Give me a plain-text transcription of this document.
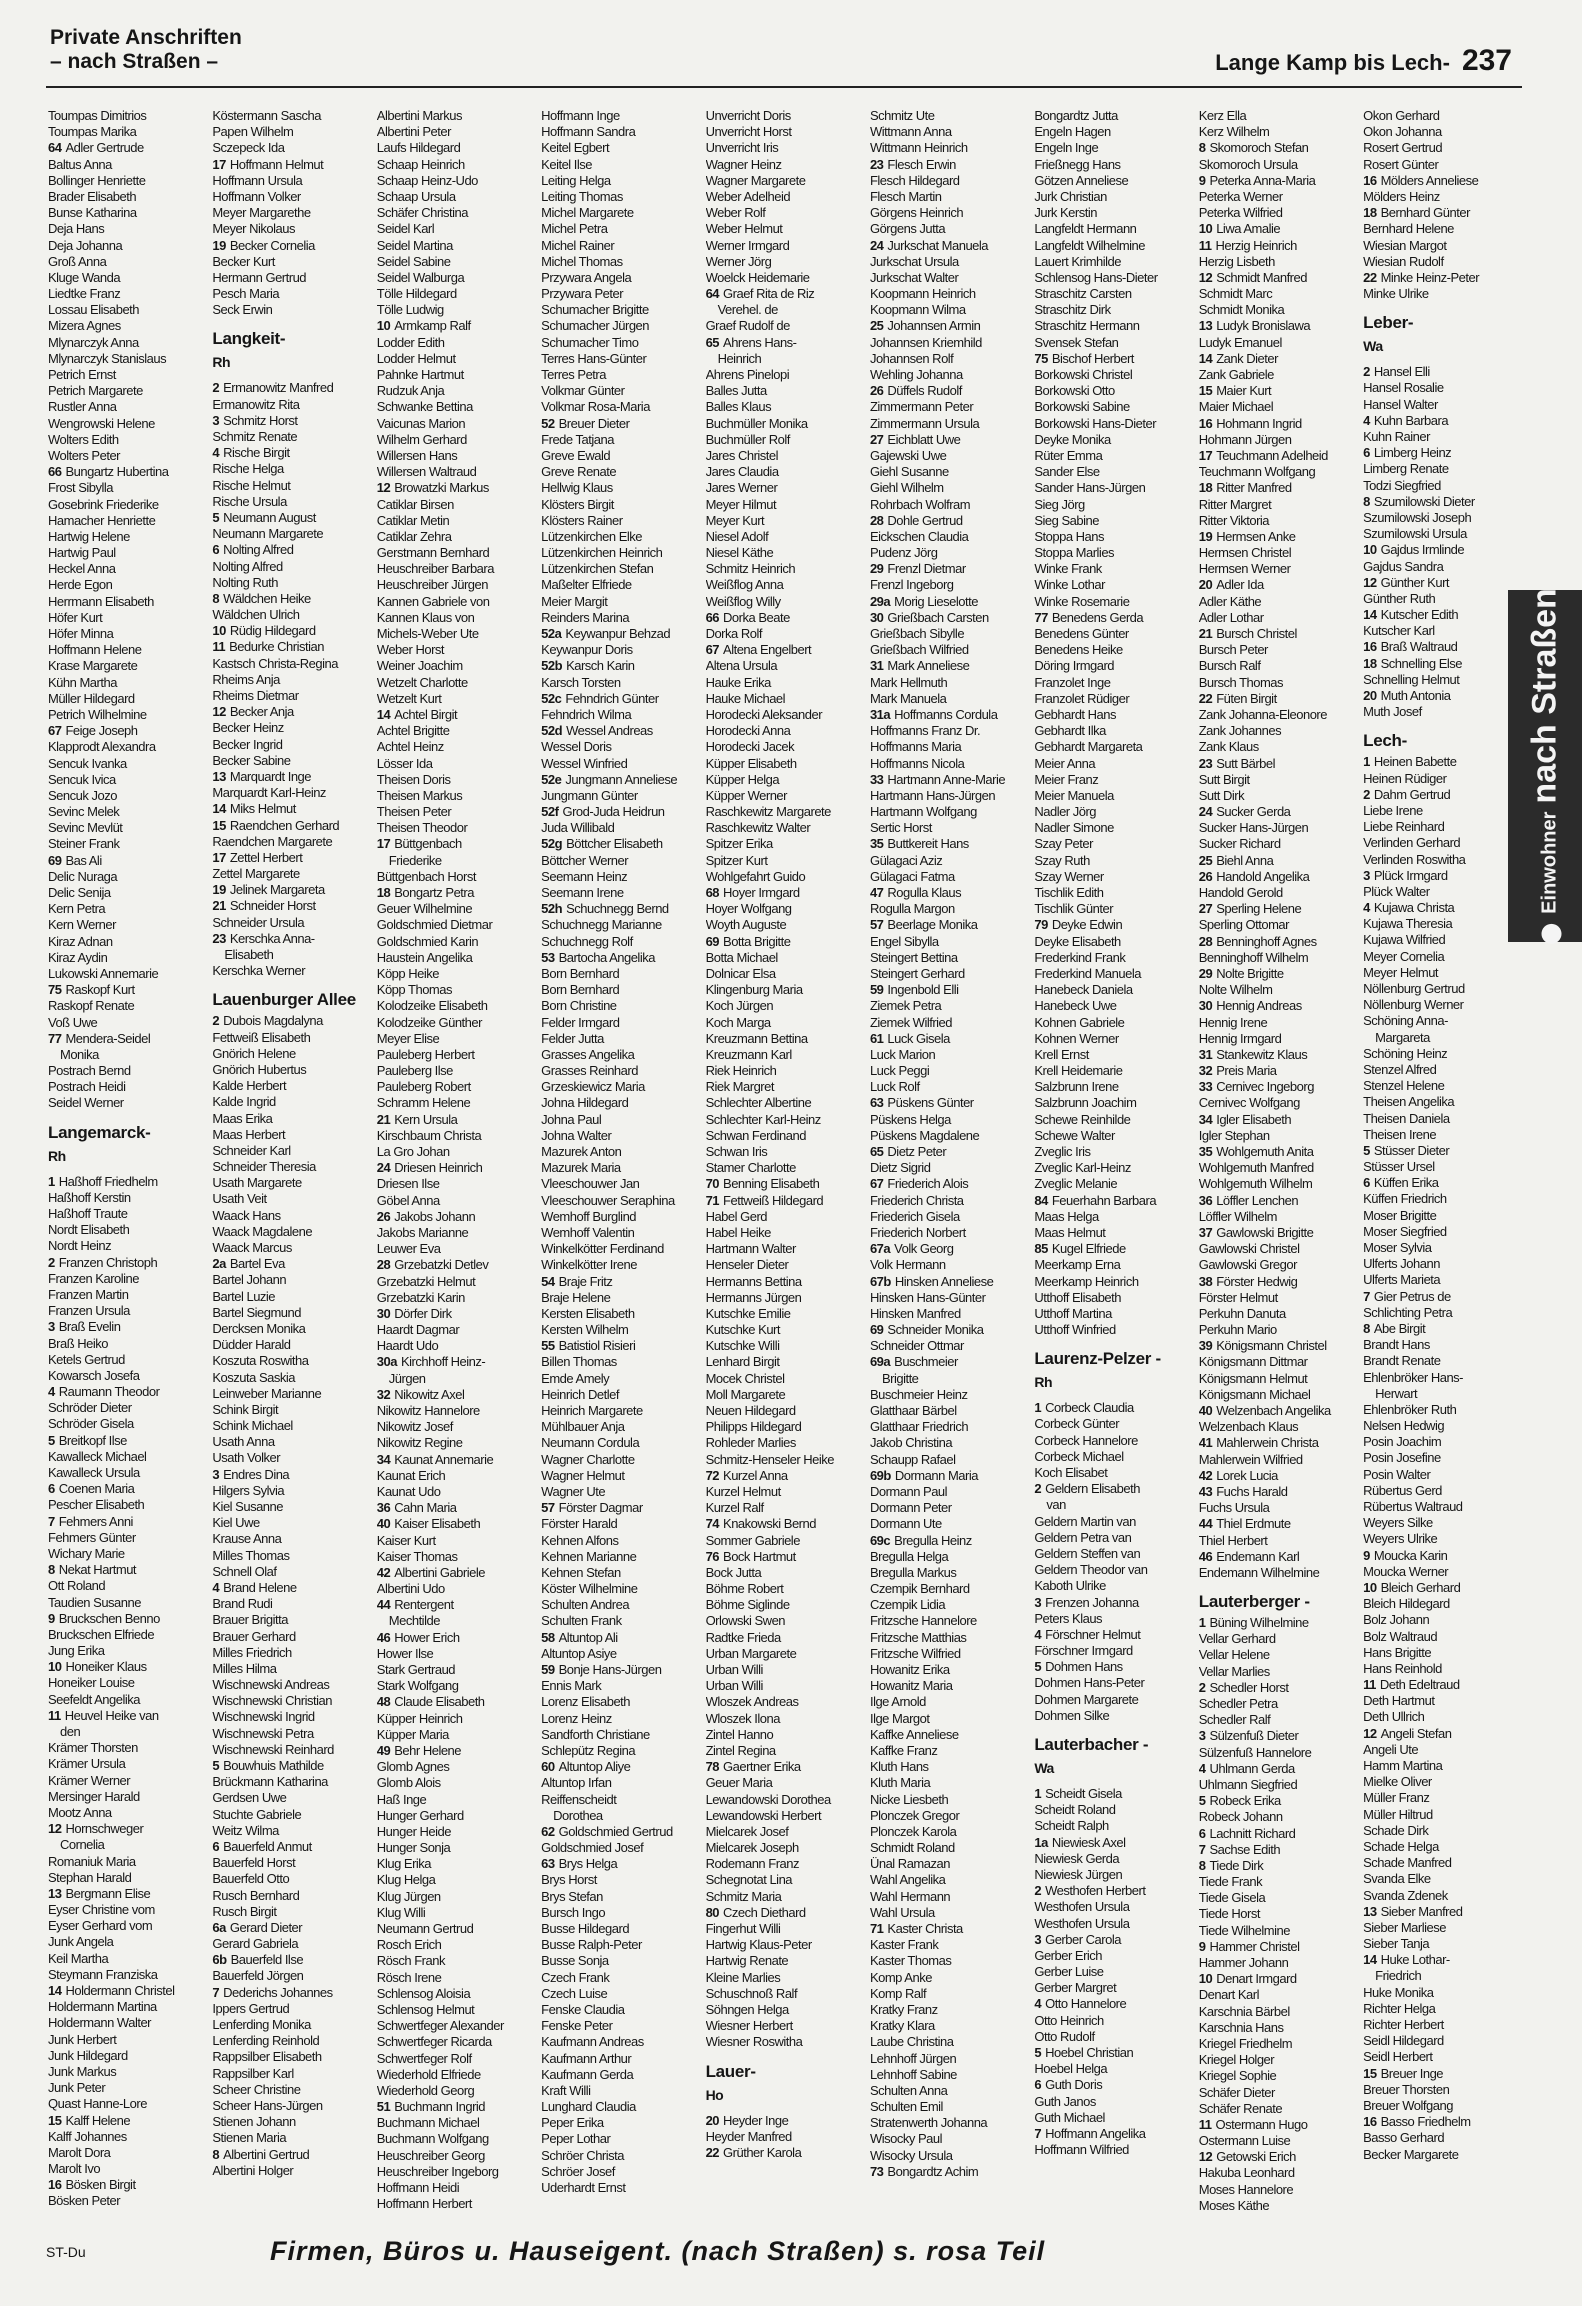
Private Anschriften
– nach Straßen –	Lange Kamp bis Lech- 237
Toumpas Dimitrios
Toumpas Marika
64 Adler Gertrude
Baltus Anna
Bollinger Henriette
Brader Elisabeth
Bunse Katharina
Deja Hans
Deja Johanna
Groß Anna
Kluge Wanda
Liedtke Franz
Lossau Elisabeth
Mizera Agnes
Mlynarczyk Anna
Mlynarczyk Stanislaus
Petrich Ernst
Petrich Margarete
Rustler Anna
Wengrowski Helene
Wolters Edith
Wolters Peter
66 Bungartz Hubertina
Frost Sibylla
Gosebrink Friederike
Hamacher Henriette
Hartwig Helene
Hartwig Paul
Heckel Anna
Herde Egon
Herrmann Elisabeth
Höfer Kurt
Höfer Minna
Hoffmann Helene
Krase Margarete
Kühn Martha
Müller Hildegard
Petrich Wilhelmine
67 Feige Joseph
Klapprodt Alexandra
Sencuk Ivanka
Sencuk Ivica
Sencuk Jozo
Sevinc Melek
Sevinc Mevlüt
Steiner Frank
69 Bas Ali
Delic Nuraga
Delic Senija
Kern Petra
Kern Werner
Kiraz Adnan
Kiraz Aydin
Lukowski Annemarie
75 Raskopf Kurt
Raskopf Renate
Voß Uwe
77 Mendera-Seidel
Monika
Postrach Bernd
Postrach Heidi
Seidel Werner
Langemarck-
Rh
1 Haßhoff Friedhelm
Haßhoff Kerstin
Haßhoff Traute
Nordt Elisabeth
Nordt Heinz
2 Franzen Christoph
Franzen Karoline
Franzen Martin
Franzen Ursula
3 Braß Evelin
Braß Heiko
Ketels Gertrud
Kowarsch Josefa
4 Raumann Theodor
Schröder Dieter
Schröder Gisela
5 Breitkopf Ilse
Kawalleck Michael
Kawalleck Ursula
6 Coenen Maria
Pescher Elisabeth
7 Fehmers Anni
Fehmers Günter
Wichary Marie
8 Nekat Hartmut
Ott Roland
Taudien Susanne
9 Bruckschen Benno
Bruckschen Elfriede
Jung Erika
10 Honeiker Klaus
Honeiker Louise
Seefeldt Angelika
11 Heuvel Heike van
den
Krämer Thorsten
Krämer Ursula
Krämer Werner
Mersinger Harald
Mootz Anna
12 Hornschweger
Cornelia
Romaniuk Maria
Stephan Harald
13 Bergmann Elise
Eyser Christine vom
Eyser Gerhard vom
Junk Angela
Keil Martha
Steymann Franziska
14 Holdermann Christel
Holdermann Martina
Holdermann Walter
Junk Herbert
Junk Hildegard
Junk Markus
Junk Peter
Quast Hanne-Lore
15 Kalff Helene
Kalff Johannes
Marolt Dora
Marolt Ivo
16 Bösken Birgit
Bösken Peter
Köstermann Sascha
Papen Wilhelm
Sczepeck Ida
17 Hoffmann Helmut
Hoffmann Ursula
Hoffmann Volker
Meyer Margarethe
Meyer Nikolaus
19 Becker Cornelia
Becker Kurt
Hermann Gertrud
Pesch Maria
Seck Erwin
Langkeit-
Rh
2 Ermanowitz Manfred
Ermanowitz Rita
3 Schmitz Horst
Schmitz Renate
4 Rische Birgit
Rische Helga
Rische Helmut
Rische Ursula
5 Neumann August
Neumann Margarete
6 Nolting Alfred
Nolting Alfred
Nolting Ruth
8 Wäldchen Heike
Wäldchen Ulrich
10 Rüdig Hildegard
11 Bedurke Christian
Kastsch Christa-Regina
Rheims Anja
Rheims Dietmar
12 Becker Anja
Becker Heinz
Becker Ingrid
Becker Sabine
13 Marquardt Inge
Marquardt Karl-Heinz
14 Miks Helmut
15 Raendchen Gerhard
Raendchen Margarete
17 Zettel Herbert
Zettel Margarete
19 Jelinek Margareta
21 Schneider Horst
Schneider Ursula
23 Kerschka Anna-
Elisabeth
Kerschka Werner
Lauenburger Allee
2 Dubois Magdalyna
Fettweiß Elisabeth
Gnörich Helene
Gnörich Hubertus
Kalde Herbert
Kalde Ingrid
Maas Erika
Maas Herbert
Schneider Karl
Schneider Theresia
Usath Margarete
Usath Veit
Waack Hans
Waack Magdalene
Waack Marcus
2a Bartel Eva
Bartel Johann
Bartel Luzie
Bartel Siegmund
Dercksen Monika
Düdder Harald
Koszuta Roswitha
Koszuta Saskia
Leinweber Marianne
Schink Birgit
Schink Michael
Usath Anna
Usath Volker
3 Endres Dina
Hilgers Sylvia
Kiel Susanne
Kiel Uwe
Krause Anna
Milles Thomas
Schnell Olaf
4 Brand Helene
Brand Rudi
Brauer Brigitta
Brauer Gerhard
Milles Friedrich
Milles Hilma
Wischnewski Andreas
Wischnewski Christian
Wischnewski Ingrid
Wischnewski Petra
Wischnewski Reinhard
5 Bouwhuis Mathilde
Brückmann Katharina
Gerdsen Uwe
Stuchte Gabriele
Weitz Wilma
6 Bauerfeld Anmut
Bauerfeld Horst
Bauerfeld Otto
Rusch Bernhard
Rusch Birgit
6a Gerard Dieter
Gerard Gabriela
6b Bauerfeld Ilse
Bauerfeld Jörgen
7 Dederichs Johannes
Ippers Gertrud
Lenferding Monika
Lenferding Reinhold
Rappsilber Elisabeth
Rappsilber Karl
Scheer Christine
Scheer Hans-Jürgen
Stienen Johann
Stienen Maria
8 Albertini Gertrud
Albertini Holger
Albertini Markus
Albertini Peter
Laufs Hildegard
Schaap Heinrich
Schaap Heinz-Udo
Schaap Ursula
Schäfer Christina
Seidel Karl
Seidel Martina
Seidel Sabine
Seidel Walburga
Tölle Hildegard
Tölle Ludwig
10 Armkamp Ralf
Lodder Edith
Lodder Helmut
Pahnke Hartmut
Rudzuk Anja
Schwanke Bettina
Vaicunas Marion
Wilhelm Gerhard
Willersen Hans
Willersen Waltraud
12 Browatzki Markus
Catiklar Birsen
Catiklar Metin
Catiklar Zehra
Gerstmann Bernhard
Heuschreiber Barbara
Heuschreiber Jürgen
Kannen Gabriele von
Kannen Klaus von
Michels-Weber Ute
Weber Horst
Weiner Joachim
Wetzelt Charlotte
Wetzelt Kurt
14 Achtel Birgit
Achtel Brigitte
Achtel Heinz
Lösser Ida
Theisen Doris
Theisen Markus
Theisen Peter
Theisen Theodor
17 Büttgenbach
Friederike
Büttgenbach Horst
18 Bongartz Petra
Geuer Wilhelmine
Goldschmied Dietmar
Goldschmied Karin
Haustein Angelika
Köpp Heike
Köpp Thomas
Kolodzeike Elisabeth
Kolodzeike Günther
Meyer Elise
Pauleberg Herbert
Pauleberg Ilse
Pauleberg Robert
Schramm Helene
21 Kern Ursula
Kirschbaum Christa
La Gro Johan
24 Driesen Heinrich
Driesen Ilse
Göbel Anna
26 Jakobs Johann
Jakobs Marianne
Leuwer Eva
28 Grzebatzki Detlev
Grzebatzki Helmut
Grzebatzki Karin
30 Dörfer Dirk
Haardt Dagmar
Haardt Udo
30a Kirchhoff Heinz-
Jürgen
32 Nikowitz Axel
Nikowitz Hannelore
Nikowitz Josef
Nikowitz Regine
34 Kaunat Annemarie
Kaunat Erich
Kaunat Udo
36 Cahn Maria
40 Kaiser Elisabeth
Kaiser Kurt
Kaiser Thomas
42 Albertini Gabriele
Albertini Udo
44 Rentergent
Mechtilde
46 Hower Erich
Hower Ilse
Stark Gertraud
Stark Wolfgang
48 Claude Elisabeth
Küpper Heinrich
Küpper Maria
49 Behr Helene
Glomb Agnes
Glomb Alois
Haß Inge
Hunger Gerhard
Hunger Heide
Hunger Sonja
Klug Erika
Klug Helga
Klug Jürgen
Klug Willi
Neumann Gertrud
Rosch Erich
Rösch Frank
Rösch Irene
Schlensog Aloisia
Schlensog Helmut
Schwertfeger Alexander
Schwertfeger Ricarda
Schwertfeger Rolf
Wiederhold Elfriede
Wiederhold Georg
51 Buchmann Ingrid
Buchmann Michael
Buchmann Wolfgang
Heuschreiber Georg
Heuschreiber Ingeborg
Hoffmann Heidi
Hoffmann Herbert
Hoffmann Inge
Hoffmann Sandra
Keitel Egbert
Keitel Ilse
Leiting Helga
Leiting Thomas
Michel Margarete
Michel Petra
Michel Rainer
Michel Thomas
Przywara Angela
Przywara Peter
Schumacher Brigitte
Schumacher Jürgen
Schumacher Timo
Terres Hans-Günter
Terres Petra
Volkmar Günter
Volkmar Rosa-Maria
52 Breuer Dieter
Frede Tatjana
Greve Ewald
Greve Renate
Hellwig Klaus
Klösters Birgit
Klösters Rainer
Lützenkirchen Elke
Lützenkirchen Heinrich
Lützenkirchen Stefan
Maßelter Elfriede
Meier Margit
Reinders Marina
52a Keywanpur Behzad
Keywanpur Doris
52b Karsch Karin
Karsch Torsten
52c Fehndrich Günter
Fehndrich Wilma
52d Wessel Andreas
Wessel Doris
Wessel Winfried
52e Jungmann Anneliese
Jungmann Günter
52f Grod-Juda Heidrun
Juda Willibald
52g Böttcher Elisabeth
Böttcher Werner
Seemann Heinz
Seemann Irene
52h Schuchnegg Bernd
Schuchnegg Marianne
Schuchnegg Rolf
53 Bartocha Angelika
Born Bernhard
Born Bernhard
Born Christine
Felder Irmgard
Felder Jutta
Grasses Angelika
Grasses Reinhard
Grzeskiewicz Maria
Johna Hildegard
Johna Paul
Johna Walter
Mazurek Anton
Mazurek Maria
Vleeschouwer Jan
Vleeschouwer Seraphina
Wemhoff Burglind
Wemhoff Valentin
Winkelkötter Ferdinand
Winkelkötter Irene
54 Braje Fritz
Braje Helene
Kersten Elisabeth
Kersten Wilhelm
55 Batistiol Risieri
Billen Thomas
Emde Amely
Heinrich Detlef
Heinrich Margarete
Mühlbauer Anja
Neumann Cordula
Wagner Charlotte
Wagner Helmut
Wagner Ute
57 Förster Dagmar
Förster Harald
Kehnen Alfons
Kehnen Marianne
Kehnen Stefan
Köster Wilhelmine
Schulten Andrea
Schulten Frank
58 Altuntop Ali
Altuntop Asiye
59 Bonje Hans-Jürgen
Ennis Mark
Lorenz Elisabeth
Lorenz Heinz
Sandforth Christiane
Schlepütz Regina
60 Altuntop Aliye
Altuntop Irfan
Reiffenscheidt
Dorothea
62 Goldschmied Gertrud
Goldschmied Josef
63 Brys Helga
Brys Horst
Brys Stefan
Bursch Ingo
Busse Hildegard
Busse Ralph-Peter
Busse Sonja
Czech Frank
Czech Luise
Fenske Claudia
Fenske Peter
Kaufmann Andreas
Kaufmann Arthur
Kaufmann Gerda
Kraft Willi
Lunghard Claudia
Peper Erika
Peper Lothar
Schröer Christa
Schröer Josef
Uderhardt Ernst
Unverricht Doris
Unverricht Horst
Unverricht Iris
Wagner Heinz
Wagner Margarete
Weber Adelheid
Weber Rolf
Weber Helmut
Werner Irmgard
Werner Jörg
Woelck Heidemarie
64 Graef Rita de Riz
Verehel. de
Graef Rudolf de
65 Ahrens Hans-
Heinrich
Ahrens Pinelopi
Balles Jutta
Balles Klaus
Buchmüller Monika
Buchmüller Rolf
Jares Christel
Jares Claudia
Jares Werner
Meyer Hilmut
Meyer Kurt
Niesel Adolf
Niesel Käthe
Schmitz Heinrich
Weißflog Anna
Weißflog Willy
66 Dorka Beate
Dorka Rolf
67 Altena Engelbert
Altena Ursula
Hauke Erika
Hauke Michael
Horodecki Aleksander
Horodecki Anna
Horodecki Jacek
Küpper Elisabeth
Küpper Helga
Küpper Werner
Raschkewitz Margarete
Raschkewitz Walter
Spitzer Erika
Spitzer Kurt
Wohlgefahrt Guido
68 Hoyer Irmgard
Hoyer Wolfgang
Woyth Auguste
69 Botta Brigitte
Botta Michael
Dolnicar Elsa
Klingenburg Maria
Koch Jürgen
Koch Marga
Kreuzmann Bettina
Kreuzmann Karl
Riek Heinrich
Riek Margret
Schlechter Albertine
Schlechter Karl-Heinz
Schwan Ferdinand
Schwan Iris
Stamer Charlotte
70 Benning Elisabeth
71 Fettweiß Hildegard
Habel Gerd
Habel Heike
Hartmann Walter
Henseler Dieter
Hermanns Bettina
Hermanns Jürgen
Kutschke Emilie
Kutschke Kurt
Kutschke Willi
Lenhard Birgit
Mocek Christel
Moll Margarete
Neuen Hildegard
Philipps Hildegard
Rohleder Marlies
Schmitz-Henseler Heike
72 Kurzel Anna
Kurzel Helmut
Kurzel Ralf
74 Knakowski Bernd
Sommer Gabriele
76 Bock Hartmut
Bock Jutta
Böhme Robert
Böhme Siglinde
Orlowski Swen
Radtke Frieda
Urban Margarete
Urban Willi
Urban Willi
Wloszek Andreas
Wloszek Ilona
Zintel Hanno
Zintel Regina
78 Gaertner Erika
Geuer Maria
Lewandowski Dorothea
Lewandowski Herbert
Mielcarek Josef
Mielcarek Joseph
Rodemann Franz
Schegnotat Lina
Schmitz Maria
80 Czech Diethard
Fingerhut Willi
Hartwig Klaus-Peter
Hartwig Renate
Kleine Marlies
Schuschnoß Ralf
Söhngen Helga
Wiesner Herbert
Wiesner Roswitha
Lauer-
Ho
20 Heyder Inge
Heyder Manfred
22 Grüther Karola
Schmitz Ute
Wittmann Anna
Wittmann Heinrich
23 Flesch Erwin
Flesch Hildegard
Flesch Martin
Görgens Heinrich
Görgens Jutta
24 Jurkschat Manuela
Jurkschat Ursula
Jurkschat Walter
Koopmann Heinrich
Koopmann Wilma
25 Johannsen Armin
Johannsen Kriemhild
Johannsen Rolf
Wehling Johanna
26 Düffels Rudolf
Zimmermann Peter
Zimmermann Ursula
27 Eichblatt Uwe
Gajewski Uwe
Giehl Susanne
Giehl Wilhelm
Rohrbach Wolfram
28 Dohle Gertrud
Eickschen Claudia
Pudenz Jörg
29 Frenzl Dietmar
Frenzl Ingeborg
29a Morig Lieselotte
30 Grießbach Carsten
Grießbach Sibylle
Grießbach Wilfried
31 Mark Anneliese
Mark Hellmuth
Mark Manuela
31a Hoffmanns Cordula
Hoffmanns Franz Dr.
Hoffmanns Maria
Hoffmanns Nicola
33 Hartmann Anne-Marie
Hartmann Hans-Jürgen
Hartmann Wolfgang
Sertic Horst
35 Buttkereit Hans
Gülagaci Aziz
Gülagaci Fatma
47 Rogulla Klaus
Rogulla Margon
57 Beerlage Monika
Engel Sibylla
Steingert Bettina
Steingert Gerhard
59 Ingenbold Elli
Ziemek Petra
Ziemek Wilfried
61 Luck Gisela
Luck Marion
Luck Peggi
Luck Rolf
63 Püskens Günter
Püskens Helga
Püskens Magdalene
65 Dietz Peter
Dietz Sigrid
67 Friederich Alois
Friederich Christa
Friederich Gisela
Friederich Norbert
67a Volk Georg
Volk Hermann
67b Hinsken Anneliese
Hinsken Hans-Günter
Hinsken Manfred
69 Schneider Monika
Schneider Ottmar
69a Buschmeier
Brigitte
Buschmeier Heinz
Glatthaar Bärbel
Glatthaar Friedrich
Jakob Christina
Schaupp Rafael
69b Dormann Maria
Dormann Paul
Dormann Peter
Dormann Ute
69c Bregulla Heinz
Bregulla Helga
Bregulla Markus
Czempik Bernhard
Czempik Lidia
Fritzsche Hannelore
Fritzsche Matthias
Fritzsche Wilfried
Howanitz Erika
Howanitz Maria
Ilge Arnold
Ilge Margot
Kaffke Anneliese
Kaffke Franz
Kluth Hans
Kluth Maria
Nicke Liesbeth
Plonczek Gregor
Plonczek Karola
Schmidt Roland
Ünal Ramazan
Wahl Angelika
Wahl Hermann
Wahl Ursula
71 Kaster Christa
Kaster Frank
Kaster Thomas
Komp Anke
Komp Ralf
Kratky Franz
Kratky Klara
Laube Christina
Lehnhoff Jürgen
Lehnhoff Sabine
Schulten Anna
Schulten Emil
Stratenwerth Johanna
Wisocky Paul
Wisocky Ursula
73 Bongardtz Achim
Bongardtz Jutta
Engeln Hagen
Engeln Inge
Frießnegg Hans
Götzen Anneliese
Jurk Christian
Jurk Kerstin
Langfeldt Hermann
Langfeldt Wilhelmine
Lauert Krimhilde
Schlensog Hans-Dieter
Straschitz Carsten
Straschitz Dirk
Straschitz Hermann
Svensek Stefan
75 Bischof Herbert
Borkowski Christel
Borkowski Otto
Borkowski Sabine
Borkowski Hans-Dieter
Deyke Monika
Rüter Emma
Sander Else
Sander Hans-Jürgen
Sieg Jörg
Sieg Sabine
Stoppa Hans
Stoppa Marlies
Winke Frank
Winke Lothar
Winke Rosemarie
77 Benedens Gerda
Benedens Günter
Benedens Heike
Döring Irmgard
Franzolet Inge
Franzolet Rüdiger
Gebhardt Hans
Gebhardt Ilka
Gebhardt Margareta
Meier Anna
Meier Franz
Meier Manuela
Nadler Jörg
Nadler Simone
Szay Peter
Szay Ruth
Szay Werner
Tischlik Edith
Tischlik Günter
79 Deyke Edwin
Deyke Elisabeth
Frederkind Frank
Frederkind Manuela
Hanebeck Daniela
Hanebeck Uwe
Kohnen Gabriele
Kohnen Werner
Krell Ernst
Krell Heidemarie
Salzbrunn Irene
Salzbrunn Joachim
Schewe Reinhilde
Schewe Walter
Zveglic Iris
Zveglic Karl-Heinz
Zveglic Melanie
84 Feuerhahn Barbara
Maas Helga
Maas Helmut
85 Kugel Elfriede
Meerkamp Erna
Meerkamp Heinrich
Utthoff Elisabeth
Utthoff Martina
Utthoff Winfried
Laurenz-Pelzer -
Rh
1 Corbeck Claudia
Corbeck Günter
Corbeck Hannelore
Corbeck Michael
Koch Elisabet
2 Geldern Elisabeth
van
Geldern Martin van
Geldern Petra van
Geldern Steffen van
Geldern Theodor van
Kaboth Ulrike
3 Frenzen Johanna
Peters Klaus
4 Förschner Helmut
Förschner Irmgard
5 Dohmen Hans
Dohmen Hans-Peter
Dohmen Margarete
Dohmen Silke
Lauterbacher -
Wa
1 Scheidt Gisela
Scheidt Roland
Scheidt Ralph
1a Niewiesk Axel
Niewiesk Gerda
Niewiesk Jürgen
2 Westhofen Herbert
Westhofen Ursula
Westhofen Ursula
3 Gerber Carola
Gerber Erich
Gerber Luise
Gerber Margret
4 Otto Hannelore
Otto Heinrich
Otto Rudolf
5 Hoebel Christian
Hoebel Helga
6 Guth Doris
Guth Janos
Guth Michael
7 Hoffmann Angelika
Hoffmann Wilfried
Kerz Ella
Kerz Wilhelm
8 Skomoroch Stefan
Skomoroch Ursula
9 Peterka Anna-Maria
Peterka Werner
Peterka Wilfried
10 Liwa Amalie
11 Herzig Heinrich
Herzig Lisbeth
12 Schmidt Manfred
Schmidt Marc
Schmidt Monika
13 Ludyk Bronislawa
Ludyk Emanuel
14 Zank Dieter
Zank Gabriele
15 Maier Kurt
Maier Michael
16 Hohmann Ingrid
Hohmann Jürgen
17 Teuchmann Adelheid
Teuchmann Wolfgang
18 Ritter Manfred
Ritter Margret
Ritter Viktoria
19 Hermsen Anke
Hermsen Christel
Hermsen Werner
20 Adler Ida
Adler Käthe
Adler Lothar
21 Bursch Christel
Bursch Peter
Bursch Ralf
Bursch Thomas
22 Füten Birgit
Zank Johanna-Eleonore
Zank Johannes
Zank Klaus
23 Sutt Bärbel
Sutt Birgit
Sutt Dirk
24 Sucker Gerda
Sucker Hans-Jürgen
Sucker Richard
25 Biehl Anna
26 Handold Angelika
Handold Gerold
27 Sperling Helene
Sperling Ottomar
28 Benninghoff Agnes
Benninghoff Wilhelm
29 Nolte Brigitte
Nolte Wilhelm
30 Hennig Andreas
Hennig Irene
Hennig Irmgard
31 Stankewitz Klaus
32 Preis Maria
33 Cernivec Ingeborg
Cernivec Wolfgang
34 Igler Elisabeth
Igler Stephan
35 Wohlgemuth Anita
Wohlgemuth Manfred
Wohlgemuth Wilhelm
36 Löffler Lenchen
Löffler Wilhelm
37 Gawlowski Brigitte
Gawlowski Christel
Gawlowski Gregor
38 Förster Hedwig
Förster Helmut
Perkuhn Danuta
Perkuhn Mario
39 Königsmann Christel
Königsmann Dittmar
Königsmann Helmut
Königsmann Michael
40 Welzenbach Angelika
Welzenbach Klaus
41 Mahlerwein Christa
Mahlerwein Wilfried
42 Lorek Lucia
43 Fuchs Harald
Fuchs Ursula
44 Thiel Erdmute
Thiel Herbert
46 Endemann Karl
Endemann Wilhelmine
Lauterberger -
1 Büning Wilhelmine
Vellar Gerhard
Vellar Helene
Vellar Marlies
2 Schedler Horst
Schedler Petra
Schedler Ralf
3 Sülzenfuß Dieter
Sülzenfuß Hannelore
4 Uhlmann Gerda
Uhlmann Siegfried
5 Robeck Erika
Robeck Johann
6 Lachnitt Richard
7 Sachse Edith
8 Tiede Dirk
Tiede Frank
Tiede Gisela
Tiede Horst
Tiede Wilhelmine
9 Hammer Christel
Hammer Johann
10 Denart Irmgard
Denart Karl
Karschnia Bärbel
Karschnia Hans
Kriegel Friedhelm
Kriegel Holger
Kriegel Sophie
Schäfer Dieter
Schäfer Renate
11 Ostermann Hugo
Ostermann Luise
12 Getowski Erich
Hakuba Leonhard
Moses Hannelore
Moses Käthe
Okon Gerhard
Okon Johanna
Rosert Gertrud
Rosert Günter
16 Mölders Anneliese
Mölders Heinz
18 Bernhard Günter
Bernhard Helene
Wiesian Margot
Wiesian Rudolf
22 Minke Heinz-Peter
Minke Ulrike
Leber-
Wa
2 Hansel Elli
Hansel Rosalie
Hansel Walter
4 Kuhn Barbara
Kuhn Rainer
6 Limberg Heinz
Limberg Renate
Todzi Siegfried
8 Szumilowski Dieter
Szumilowski Joseph
Szumilowski Ursula
10 Gajdus Irmlinde
Gajdus Sandra
12 Günther Kurt
Günther Ruth
14 Kutscher Edith
Kutscher Karl
16 Braß Waltraud
18 Schnelling Else
Schnelling Helmut
20 Muth Antonia
Muth Josef
Lech-
1 Heinen Babette
Heinen Rüdiger
2 Dahm Gertrud
Liebe Irene
Liebe Reinhard
Verlinden Gerhard
Verlinden Roswitha
3 Plück Irmgard
Plück Walter
4 Kujawa Christa
Kujawa Theresia
Kujawa Wilfried
Meyer Cornelia
Meyer Helmut
Nöllenburg Gertrud
Nöllenburg Werner
Schöning Anna-
Margareta
Schöning Heinz
Stenzel Alfred
Stenzel Helene
Theisen Angelika
Theisen Daniela
Theisen Irene
5 Stüsser Dieter
Stüsser Ursel
6 Küffen Erika
Küffen Friedrich
Moser Brigitte
Moser Siegfried
Moser Sylvia
Ulferts Johann
Ulferts Marieta
7 Gier Petrus de
Schlichting Petra
8 Abe Birgit
Brandt Hans
Brandt Renate
Ehlenbröker Hans-
Herwart
Ehlenbröker Ruth
Nelsen Hedwig
Posin Joachim
Posin Josefine
Posin Walter
Rübertus Gerd
Rübertus Waltraud
Weyers Silke
Weyers Ulrike
9 Moucka Karin
Moucka Werner
10 Bleich Gerhard
Bleich Hildegard
Bolz Johann
Bolz Waltraud
Hans Brigitte
Hans Reinhold
11 Deth Edeltraud
Deth Hartmut
Deth Ullrich
12 Angeli Stefan
Angeli Ute
Hamm Martina
Mielke Oliver
Müller Franz
Müller Hiltrud
Schade Dirk
Schade Helga
Schade Manfred
Svanda Elke
Svanda Zdenek
13 Sieber Manfred
Sieber Marliese
Sieber Tanja
14 Huke Lothar-
Friedrich
Huke Monika
Richter Helga
Richter Herbert
Seidl Hildegard
Seidl Herbert
15 Breuer Inge
Breuer Thorsten
Breuer Wolfgang
16 Basso Friedhelm
Basso Gerhard
Becker Margarete
Einwohnernach Straßen
ST-Du	Firmen, Büros u. Hauseigent. (nach Straßen) s. rosa Teil
